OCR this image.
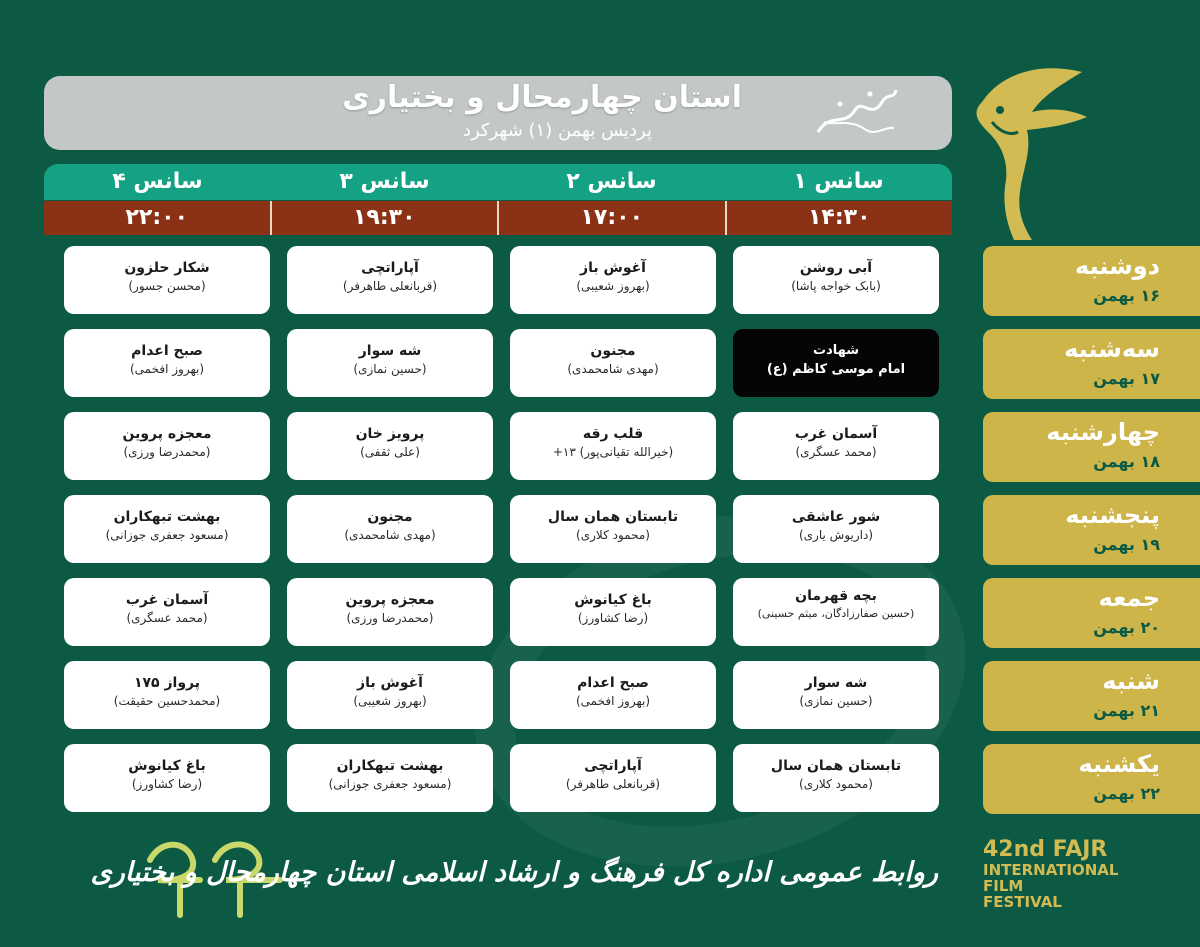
استان چهارمحال و بختیاری
پردیس بهمن (۱) شهرکرد
سانس ۱
سانس ۲
سانس ۳
سانس ۴
۱۴:۳۰
۱۷:۰۰
۱۹:۳۰
۲۲:۰۰
دوشنبه
۱۶ بهمن
سه‌شنبه
۱۷ بهمن
چهارشنبه
۱۸ بهمن
پنجشنبه
۱۹ بهمن
جمعه
۲۰ بهمن
شنبه
۲۱ بهمن
یکشنبه
۲۲ بهمن
آبی روشن
(بابک خواجه پاشا)
آغوش باز
(بهروز شعیبی)
آپاراتچی
(قربانعلی طاهرفر)
شکار حلزون
(محسن جسور)
شهادت
امام موسی کاظم (ع)
مجنون
(مهدی شامحمدی)
شه سوار
(حسین نمازی)
صبح اعدام
(بهروز افخمی)
آسمان غرب
(محمد عسگری)
قلب رقه
(خیرالله تقیانی‌پور) ۱۳+
پرویز خان
(علی ثقفی)
معجزه پروین
(محمدرضا ورزی)
شور عاشقی
(داریوش یاری)
تابستان همان سال
(محمود کلاری)
مجنون
(مهدی شامحمدی)
بهشت تبهکاران
(مسعود جعفری جوزانی)
بچه قهرمان
(حسین صفارزادگان، میثم حسینی)
باغ کیانوش
(رضا کشاورز)
معجزه پروین
(محمدرضا ورزی)
آسمان غرب
(محمد عسگری)
شه سوار
(حسین نمازی)
صبح اعدام
(بهروز افخمی)
آغوش باز
(بهروز شعیبی)
پرواز ۱۷۵
(محمدحسین حقیقت)
تابستان همان سال
(محمود کلاری)
آپاراتچی
(قربانعلی طاهرفر)
بهشت تبهکاران
(مسعود جعفری جوزانی)
باغ کیانوش
(رضا کشاورز)
روابط عمومی اداره کل فرهنگ و ارشاد اسلامی استان چهارمحال و بختیاری
42nd FAJR
INTERNATIONAL
FILM
FESTIVAL
